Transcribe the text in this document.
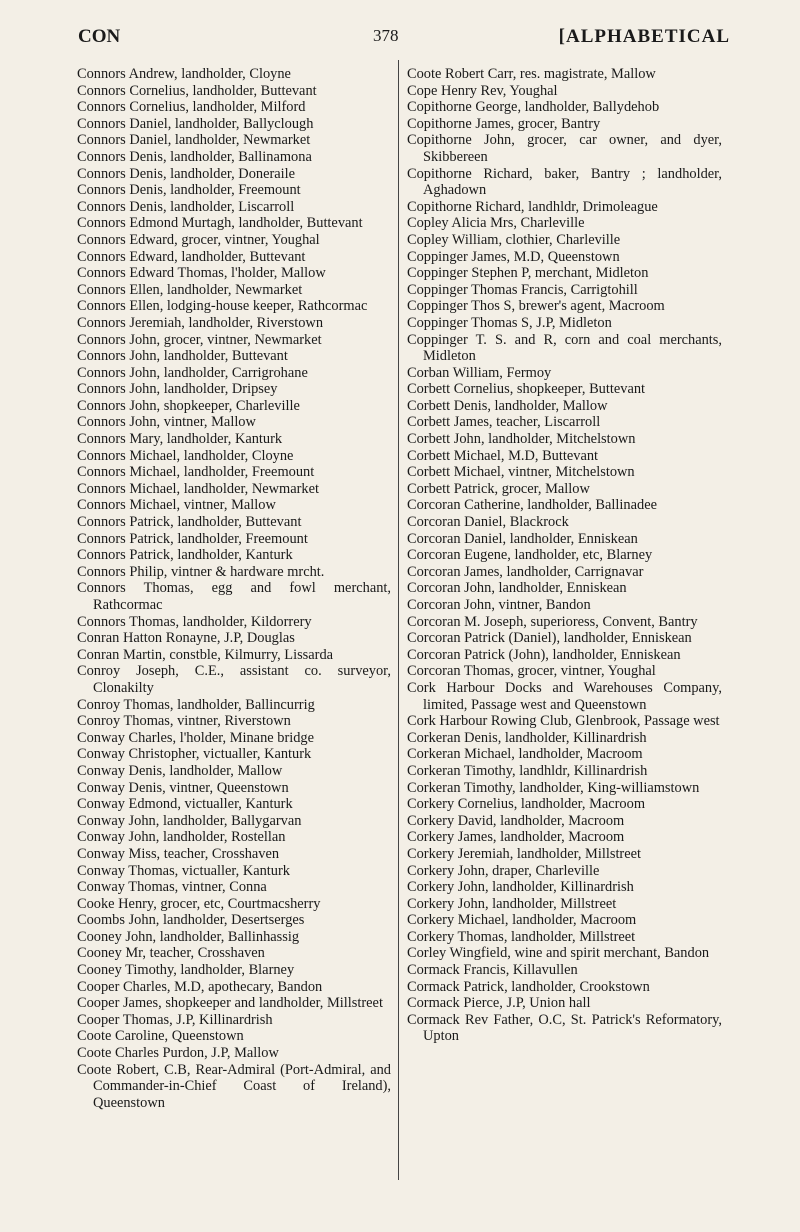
CON	378	[ALPHABETICAL

Connors Andrew, landholder, Cloyne

Connors Cornelius, landholder, Buttevant

Connors Cornelius, landholder, Milford

Connors Daniel, landholder, Ballyclough

Connors Daniel, landholder, Newmarket

Connors Denis, landholder, Ballinamona

Connors Denis, landholder, Doneraile

Connors Denis, landholder, Freemount

Connors Denis, landholder, Liscarroll

Connors Edmond Murtagh, landholder, Buttevant

Connors Edward, grocer, vintner, Youghal

Connors Edward, landholder, Buttevant

Connors Edward Thomas, l'holder, Mallow

Connors Ellen, landholder, Newmarket

Connors Ellen, lodging-house keeper, Rathcormac

Connors Jeremiah, landholder, Riverstown

Connors John, grocer, vintner, Newmarket

Connors John, landholder, Buttevant

Connors John, landholder, Carrigrohane

Connors John, landholder, Dripsey

Connors John, shopkeeper, Charleville

Connors John, vintner, Mallow

Connors Mary, landholder, Kanturk

Connors Michael, landholder, Cloyne

Connors Michael, landholder, Freemount

Connors Michael, landholder, Newmarket

Connors Michael, vintner, Mallow

Connors Patrick, landholder, Buttevant

Connors Patrick, landholder, Freemount

Connors Patrick, landholder, Kanturk

Connors Philip, vintner & hardware mrcht.

Connors Thomas, egg and fowl merchant, Rathcormac

Connors Thomas, landholder, Kildorrery

Conran Hatton Ronayne, J.P, Douglas

Conran Martin, constble, Kilmurry, Lissarda

Conroy Joseph, C.E., assistant co. surveyor, Clonakilty

Conroy Thomas, landholder, Ballincurrig

Conroy Thomas, vintner, Riverstown

Conway Charles, l'holder, Minane bridge

Conway Christopher, victualler, Kanturk

Conway Denis, landholder, Mallow

Conway Denis, vintner, Queenstown

Conway Edmond, victualler, Kanturk

Conway John, landholder, Ballygarvan

Conway John, landholder, Rostellan

Conway Miss, teacher, Crosshaven

Conway Thomas, victualler, Kanturk

Conway Thomas, vintner, Conna

Cooke Henry, grocer, etc, Courtmacsherry

Coombs John, landholder, Desertserges

Cooney John, landholder, Ballinhassig

Cooney Mr, teacher, Crosshaven

Cooney Timothy, landholder, Blarney

Cooper Charles, M.D, apothecary, Bandon

Cooper James, shopkeeper and landholder, Millstreet

Cooper Thomas, J.P, Killinardrish

Coote Caroline, Queenstown

Coote Charles Purdon, J.P, Mallow

Coote Robert, C.B, Rear-Admiral (Port-Admiral, and Commander-in-Chief Coast of Ireland), Queenstown

Coote Robert Carr, res. magistrate, Mallow

Cope Henry Rev, Youghal

Copithorne George, landholder, Ballydehob

Copithorne James, grocer, Bantry

Copithorne John, grocer, car owner, and dyer, Skibbereen

Copithorne Richard, baker, Bantry ; landholder, Aghadown

Copithorne Richard, landhldr, Drimoleague

Copley Alicia Mrs, Charleville

Copley William, clothier, Charleville

Coppinger James, M.D, Queenstown

Coppinger Stephen P, merchant, Midleton

Coppinger Thomas Francis, Carrigtohill

Coppinger Thos S, brewer's agent, Macroom

Coppinger Thomas S, J.P, Midleton

Coppinger T. S. and R, corn and coal merchants, Midleton

Corban William, Fermoy

Corbett Cornelius, shopkeeper, Buttevant

Corbett Denis, landholder, Mallow

Corbett James, teacher, Liscarroll

Corbett John, landholder, Mitchelstown

Corbett Michael, M.D, Buttevant

Corbett Michael, vintner, Mitchelstown

Corbett Patrick, grocer, Mallow

Corcoran Catherine, landholder, Ballinadee

Corcoran Daniel, Blackrock

Corcoran Daniel, landholder, Enniskean

Corcoran Eugene, landholder, etc, Blarney

Corcoran James, landholder, Carrignavar

Corcoran John, landholder, Enniskean

Corcoran John, vintner, Bandon

Corcoran M. Joseph, superioress, Convent, Bantry

Corcoran Patrick (Daniel), landholder, Enniskean

Corcoran Patrick (John), landholder, Enniskean

Corcoran Thomas, grocer, vintner, Youghal

Cork Harbour Docks and Warehouses Company, limited, Passage west and Queenstown

Cork Harbour Rowing Club, Glenbrook, Passage west

Corkeran Denis, landholder, Killinardrish

Corkeran Michael, landholder, Macroom

Corkeran Timothy, landhldr, Killinardrish

Corkeran Timothy, landholder, King-williamstown

Corkery Cornelius, landholder, Macroom

Corkery David, landholder, Macroom

Corkery James, landholder, Macroom

Corkery Jeremiah, landholder, Millstreet

Corkery John, draper, Charleville

Corkery John, landholder, Killinardrish

Corkery John, landholder, Millstreet

Corkery Michael, landholder, Macroom

Corkery Thomas, landholder, Millstreet

Corley Wingfield, wine and spirit merchant, Bandon

Cormack Francis, Killavullen

Cormack Patrick, landholder, Crookstown

Cormack Pierce, J.P, Union hall

Cormack Rev Father, O.C, St. Patrick's Reformatory, Upton
